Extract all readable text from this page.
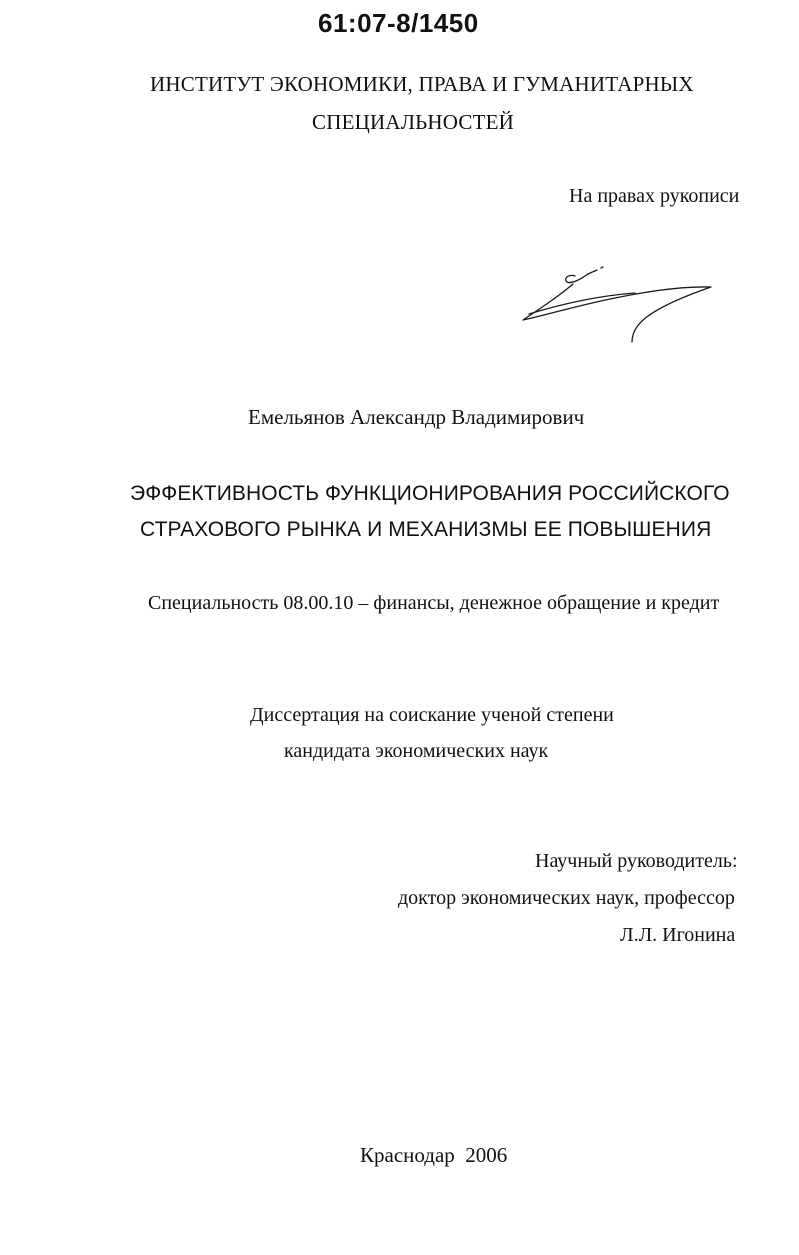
61:07-8/1450
ИНСТИТУТ ЭКОНОМИКИ, ПРАВА И ГУМАНИТАРНЫХ
СПЕЦИАЛЬНОСТЕЙ
На правах рукописи
Емельянов Александр Владимирович
ЭФФЕКТИВНОСТЬ ФУНКЦИОНИРОВАНИЯ РОССИЙСКОГО
СТРАХОВОГО РЫНКА И МЕХАНИЗМЫ ЕЕ ПОВЫШЕНИЯ
Специальность 08.00.10 – финансы, денежное обращение и кредит
Диссертация на соискание ученой степени
кандидата экономических наук
Научный руководитель:
доктор экономических наук, профессор
Л.Л. Игонина
Краснодар  2006
